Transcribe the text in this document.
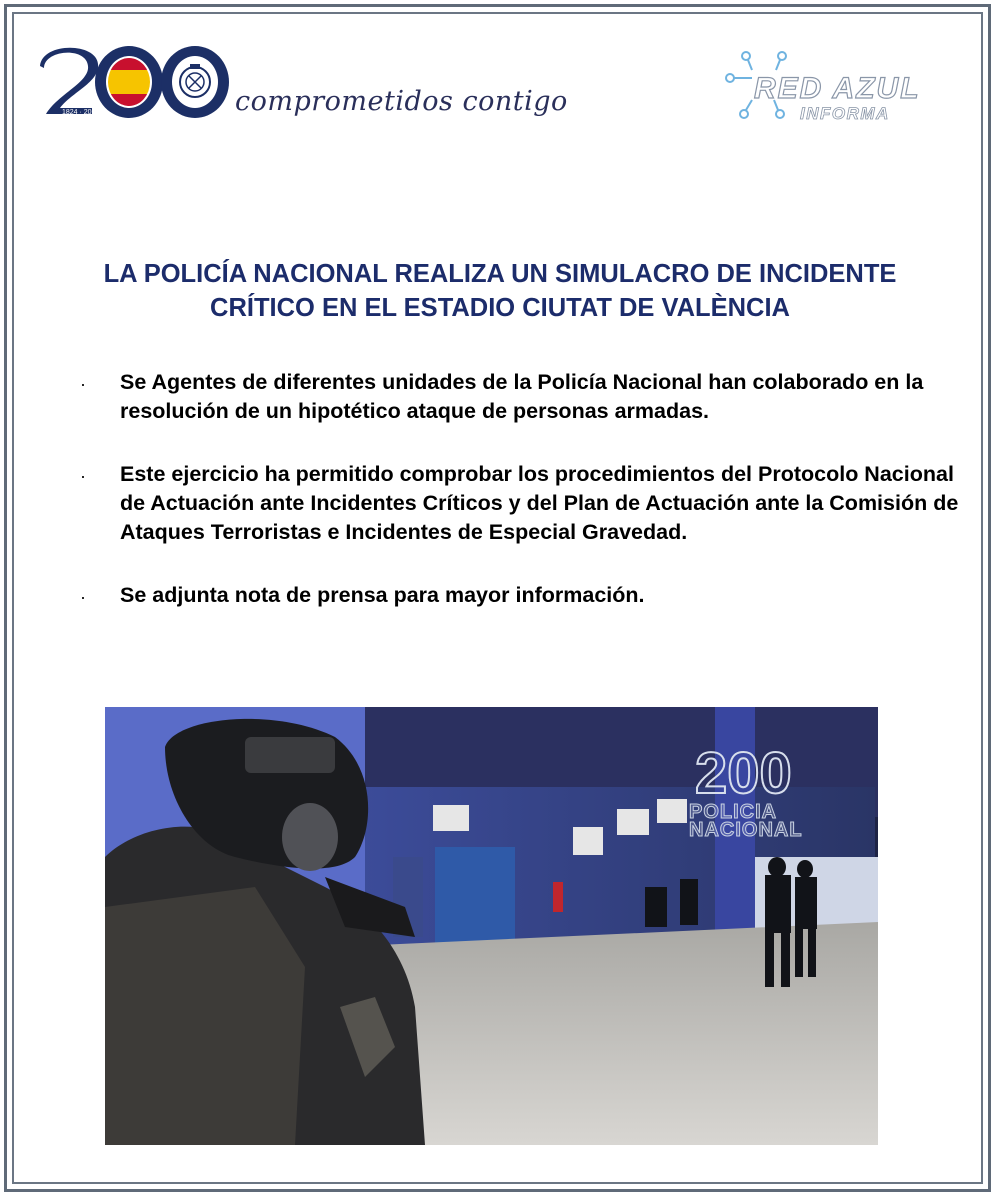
1824 · 2024	comprometidos contigo	RED AZUL
INFORMA
LA POLICÍA NACIONAL REALIZA UN SIMULACRO DE INCIDENTE
CRÍTICO EN EL ESTADIO CIUTAT DE VALÈNCIA
· Se Agentes de diferentes unidades de la Policía Nacional han colaborado en la resolución de un hipotético ataque de personas armadas.
· Este ejercicio ha permitido comprobar los procedimientos del Protocolo Nacional de Actuación ante Incidentes Críticos y del Plan de Actuación ante la Comisión de Ataques Terroristas e Incidentes de Especial Gravedad.
· Se adjunta nota de prensa para mayor información.
200
POLICIA
NACIONAL
